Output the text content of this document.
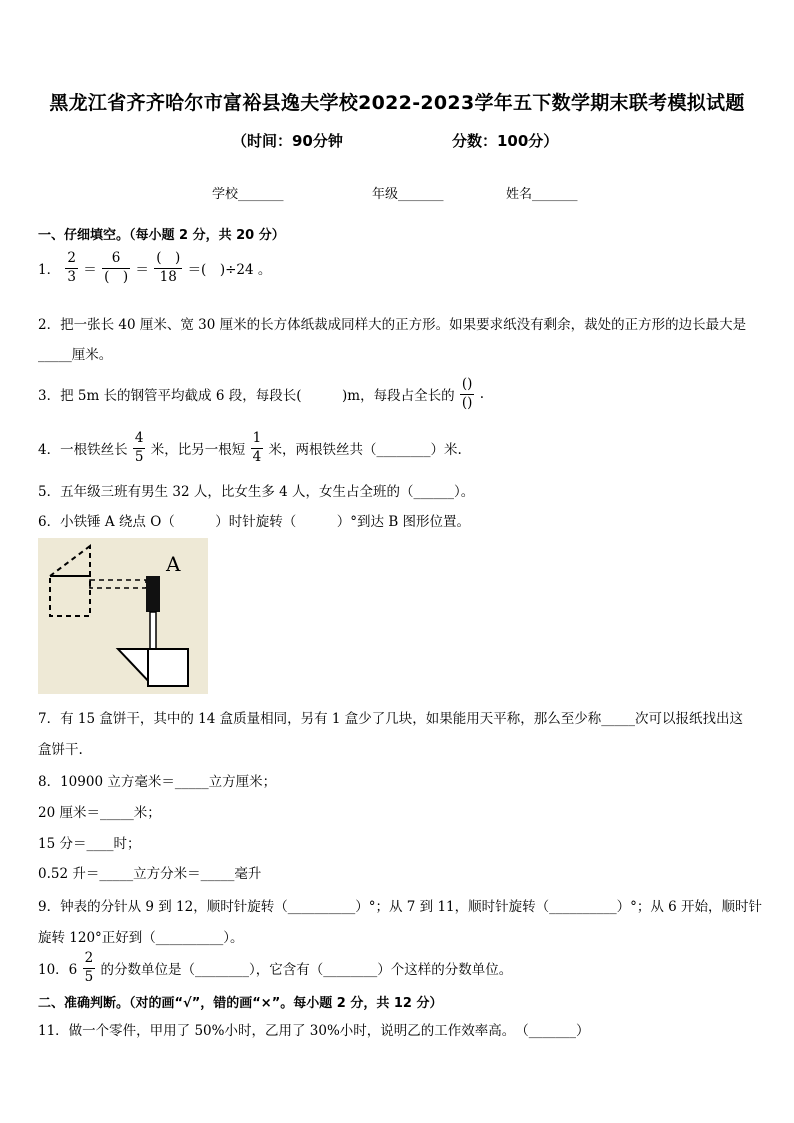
黑龙江省齐齐哈尔市富裕县逸夫学校2022-2023学年五下数学期末联考模拟试题
（时间：90分钟	分数：100分）
学校_______	年级_______	姓名_______
一、仔细填空。（每小题 2 分，共 20 分）
1． $\frac{2}{3} = \frac{6}{( )} = \frac{( )}{18}$ ＝(　)÷24 。
2．把一张长 40 厘米、宽 30 厘米的长方体纸裁成同样大的正方形。如果要求纸没有剩余，裁处的正方形的边长最大是
_____厘米。
3．把 5m 长的钢管平均截成 6 段，每段长(　　　)m，每段占全长的 $\frac{()}{()}$ .
4．一根铁丝长 $\frac{4}{5}$ 米，比另一根短 $\frac{1}{4}$ 米，两根铁丝共（________）米.
5．五年级三班有男生 32 人，比女生多 4 人，女生占全班的（______）。
6．小铁锤 A 绕点 O（　　　）时针旋转（　　　）°到达 B 图形位置。
A
7．有 15 盒饼干，其中的 14 盒质量相同，另有 1 盒少了几块，如果能用天平称，那么至少称_____次可以报纸找出这
盒饼干.
8．10900 立方毫米＝_____立方厘米；
20 厘米＝_____米；
15 分＝____时；
0.52 升＝_____立方分米＝_____毫升
9．钟表的分针从 9 到 12，顺时针旋转（__________）°；从 7 到 11，顺时针旋转（__________）°；从 6 开始，顺时针
旋转 120°正好到（__________）。
10．$6 \frac{2}{5}$ 的分数单位是（________），它含有（________）个这样的分数单位。
二、准确判断。（对的画“√”，错的画“×”。每小题 2 分，共 12 分）
11．做一个零件，甲用了 50%小时，乙用了 30%小时，说明乙的工作效率高。　（_______）
